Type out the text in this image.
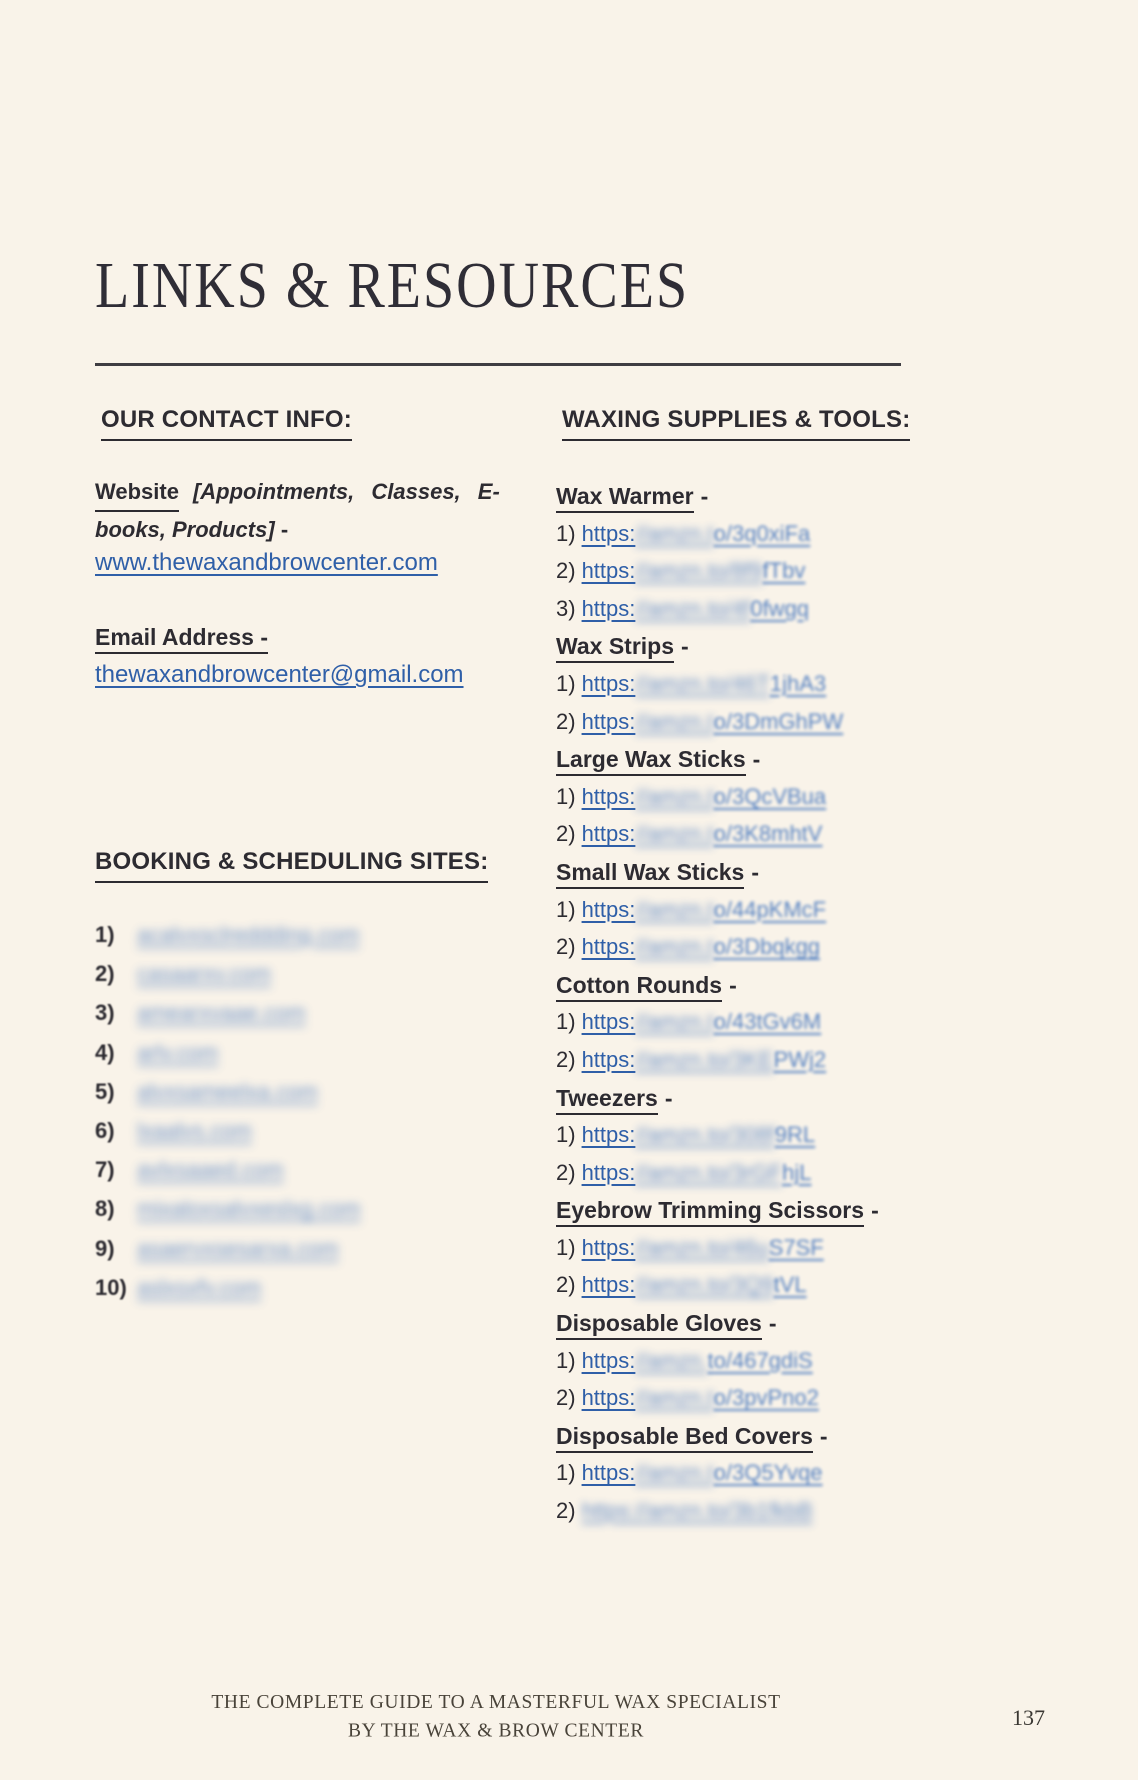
LINKS & RESOURCES
OUR CONTACT INFO:
Website [Appointments, Classes, E-
books, Products] -
www.thewaxandbrowcenter.com
Email Address -
thewaxandbrowcenter@gmail.com
BOOKING & SCHEDULING SITES:
1)	acalvxsclreddding.com
2)	casaarxv.com
3)	amearxvaae.com
4)	arlv.com
5)	alvxsameelxa.com
6)	lxaalvs.com
7)	avlxsaaed.com
8)	mixaloxsalvxeslxg.com
9)	asaervxsesarxa.com
10) aslxsxfv.com
WAXING SUPPLIES & TOOLS:
Wax Warmer -
1) https://amzn.to/3q0xiFa
2) https://amzn.to/8f9fTbv
3) https://amzn.to/4f0fwgq
Wax Strips -
1) https://amzn.to/46T1jhA3
2) https://amzn.to/3DmGhPW
Large Wax Sticks -
1) https://amzn.to/3QcVBua
2) https://amzn.to/3K8mhtV
Small Wax Sticks -
1) https://amzn.to/44pKMcF
2) https://amzn.to/3Dbqkgg
Cotton Rounds -
1) https://amzn.to/43tGv6M
2) https://amzn.to/3KEPWj2
Tweezers -
1) https://amzn.to/308f9RL
2) https://amzn.to/3rGFhjL
Eyebrow Trimming Scissors -
1) https://amzn.to/46uS7SF
2) https://amzn.to/3Q9tVL
Disposable Gloves -
1) https://amzn.to/467gdiS
2) https://amzn.to/3pvPno2
Disposable Bed Covers -
1) https://amzn.to/3Q5Yvqe
2) https://amzn.to/3b1fkbB
THE COMPLETE GUIDE TO A MASTERFUL WAX SPECIALIST
BY THE WAX & BROW CENTER
137
